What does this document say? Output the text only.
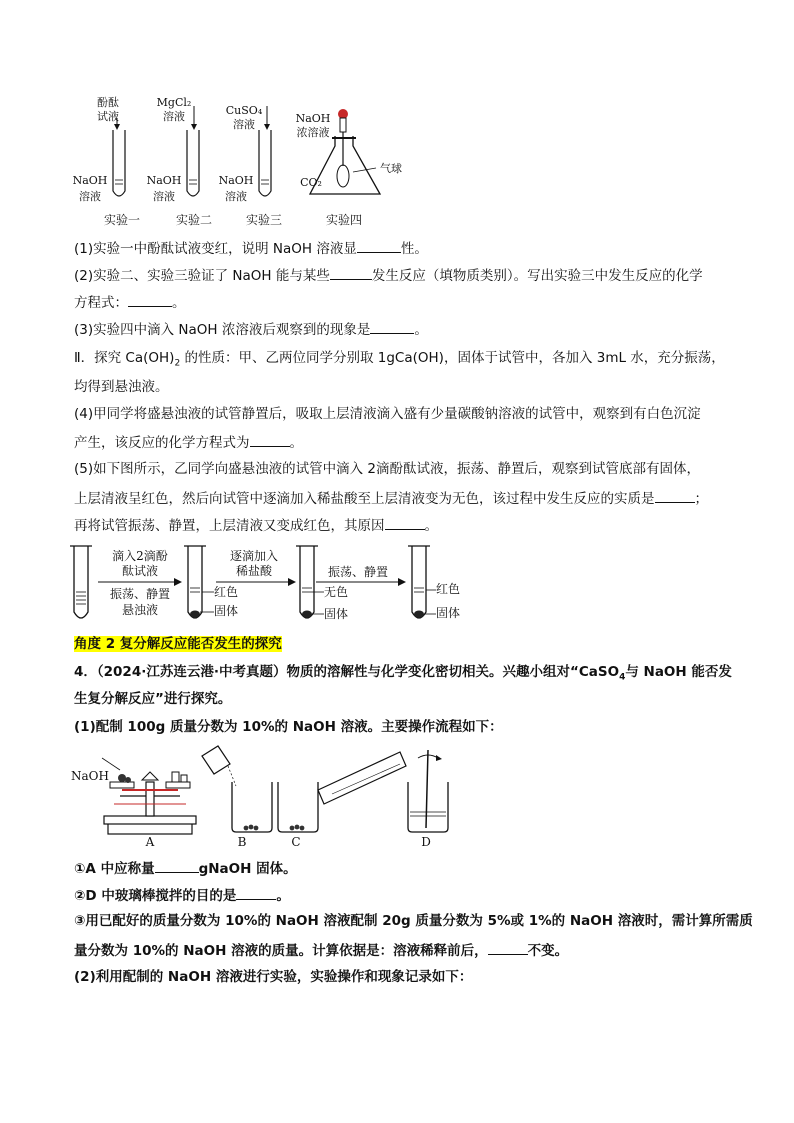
酚酞
试液
MgCl₂
溶液	CuSO₄
溶液	NaOH
浓溶液
NaOH
溶液
NaOH
溶液
NaOH
溶液
CO₂
气球
实验一	实验二	实验三	实验四
(1)实验一中酚酞试液变红，说明 NaOH 溶液显	性。
(2)实验二、实验三验证了 NaOH 能与某些	发生反应（填物质类别）。写出实验三中发生反应的化学
方程式：	。
(3)实验四中滴入 NaOH 浓溶液后观察到的现象是	。
Ⅱ．探究 $Ca(OH)_2$ 的性质：甲、乙两位同学分别取 1gCa(OH)，固体于试管中，各加入 3mL 水，充分振荡，
均得到悬浊液。
(4)甲同学将盛悬浊液的试管静置后，吸取上层清液滴入盛有少量碳酸钠溶液的试管中，观察到有白色沉淀
产生，该反应的化学方程式为	。
(5)如下图所示，乙同学向盛悬浊液的试管中滴入 2滴酚酞试液，振荡、静置后，观察到试管底部有固体，
上层清液呈红色，然后向试管中逐滴加入稀盐酸至上层清液变为无色，该过程中发生反应的实质是	；
再将试管振荡、静置，上层清液又变成红色，其原因	。
滴入2滴酚
酞试液
振荡、静置
悬浊液
逐滴加入
稀盐酸
红色
固体
振荡、静置
无色
固体
红色
固体
角度 2 复分解反应能否发生的探究
4．（2024·江苏连云港·中考真题）物质的溶解性与化学变化密切相关。兴趣小组对“CaSO$_4$与 NaOH 能否发
生复分解反应”进行探究。
(1)配制 100g 质量分数为 10%的 NaOH 溶液。主要操作流程如下：
NaOH
A	B	C	D
①A 中应称量	gNaOH 固体。
②D 中玻璃棒搅拌的目的是	。
③用已配好的质量分数为 10%的 NaOH 溶液配制 20g 质量分数为 5%或 1%的 NaOH 溶液时，需计算所需质
量分数为 10%的 NaOH 溶液的质量。计算依据是：溶液稀释前后，	不变。
(2)利用配制的 NaOH 溶液进行实验，实验操作和现象记录如下：
